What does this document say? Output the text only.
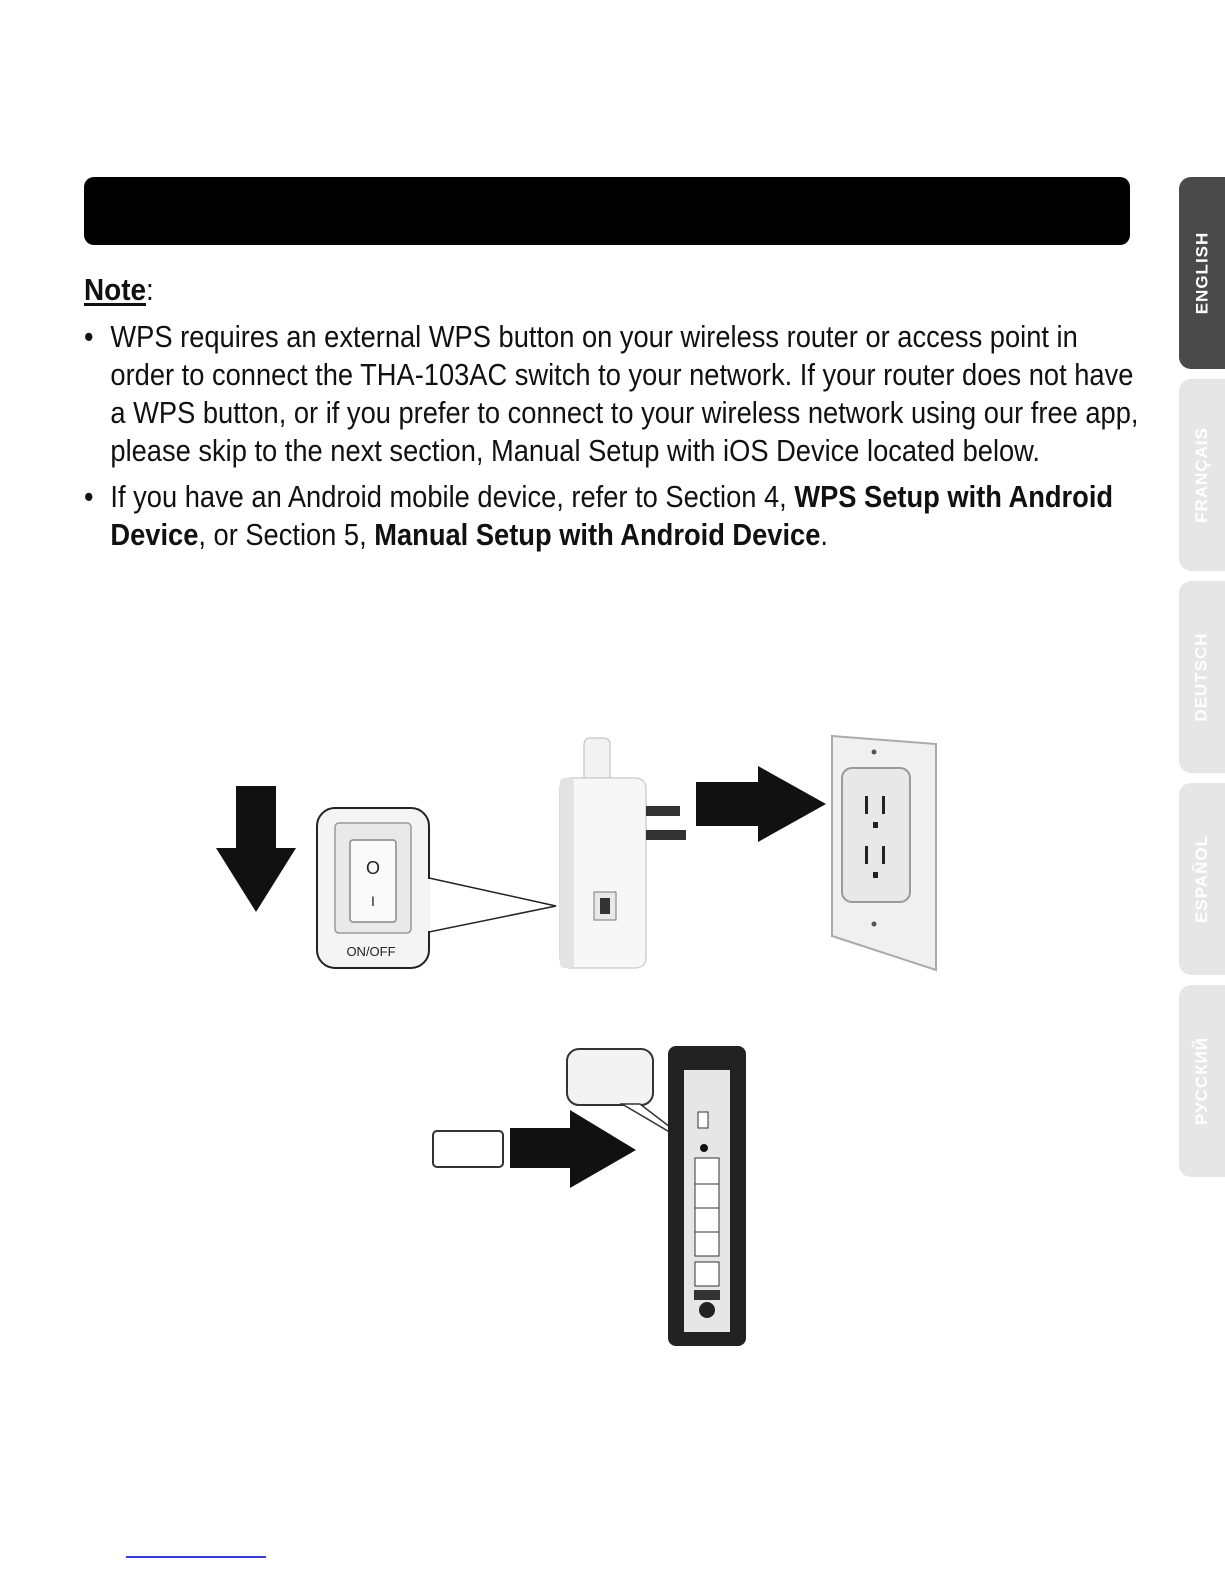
Note:
• WPS requires an external WPS button on your wireless router or access point in order to connect the THA-103AC switch to your network. If your router does not have a WPS button, or if you prefer to connect to your wireless network using our free app, please skip to the next section, Manual Setup with iOS Device located below.
• If you have an Android mobile device, refer to Section 4, WPS Setup with Android Device, or Section 5, Manual Setup with Android Device.
ENGLISH
FRANÇAIS
DEUTSCH
ESPAÑOL
РУССКИЙ
O
I
ON/OFF
